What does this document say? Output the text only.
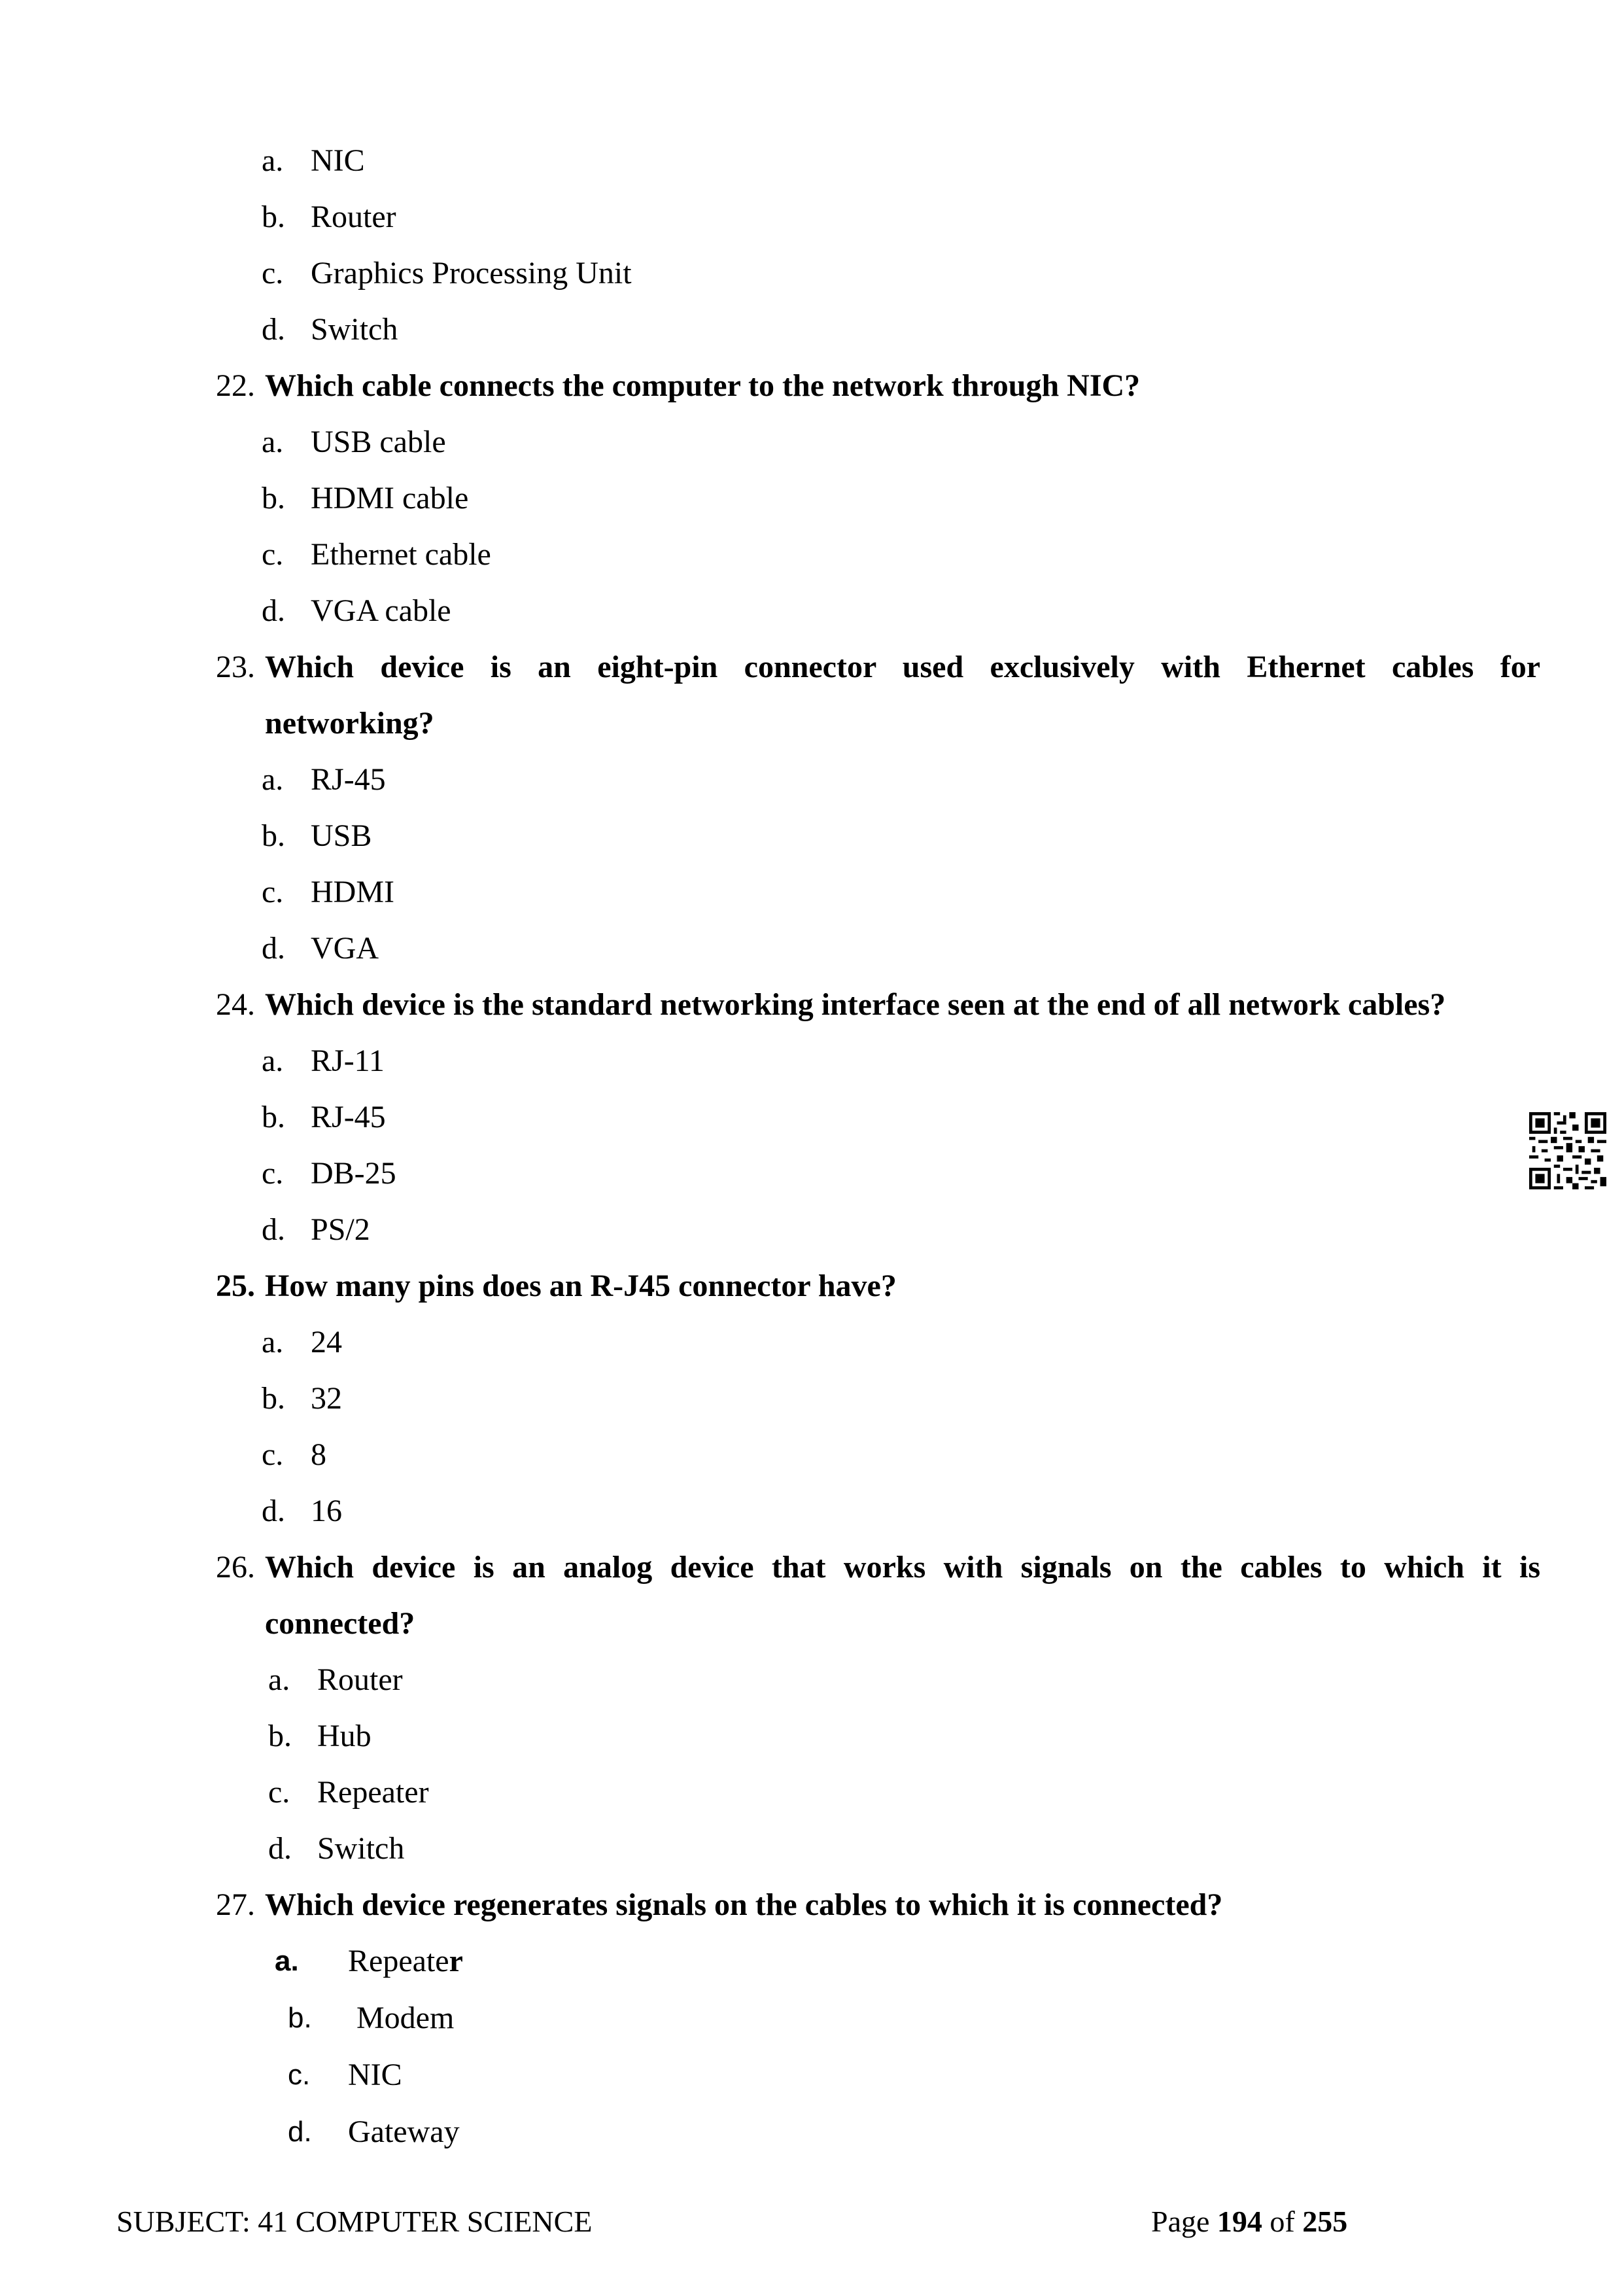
a. NIC
b. Router
c. Graphics Processing Unit
d. Switch
22. Which cable connects the computer to the network through NIC?
a. USB cable
b. HDMI cable
c. Ethernet cable
d. VGA cable
23. Which device is an eight-pin connector used exclusively with Ethernet cables for
networking?
a. RJ-45
b. USB
c. HDMI
d. VGA
24. Which device is the standard networking interface seen at the end of all network cables?
a. RJ-11
b. RJ-45
c. DB-25
d. PS/2
25. How many pins does an R-J45 connector have?
a. 24
b. 32
c. 8
d. 16
26. Which device is an analog device that works with signals on the cables to which it is
connected?
a. Router
b. Hub
c. Repeater
d. Switch
27. Which device regenerates signals on the cables to which it is connected?
a. Repeater
b. Modem
c. NIC
d. Gateway
SUBJECT: 41 COMPUTER SCIENCE	Page 194 of 255
